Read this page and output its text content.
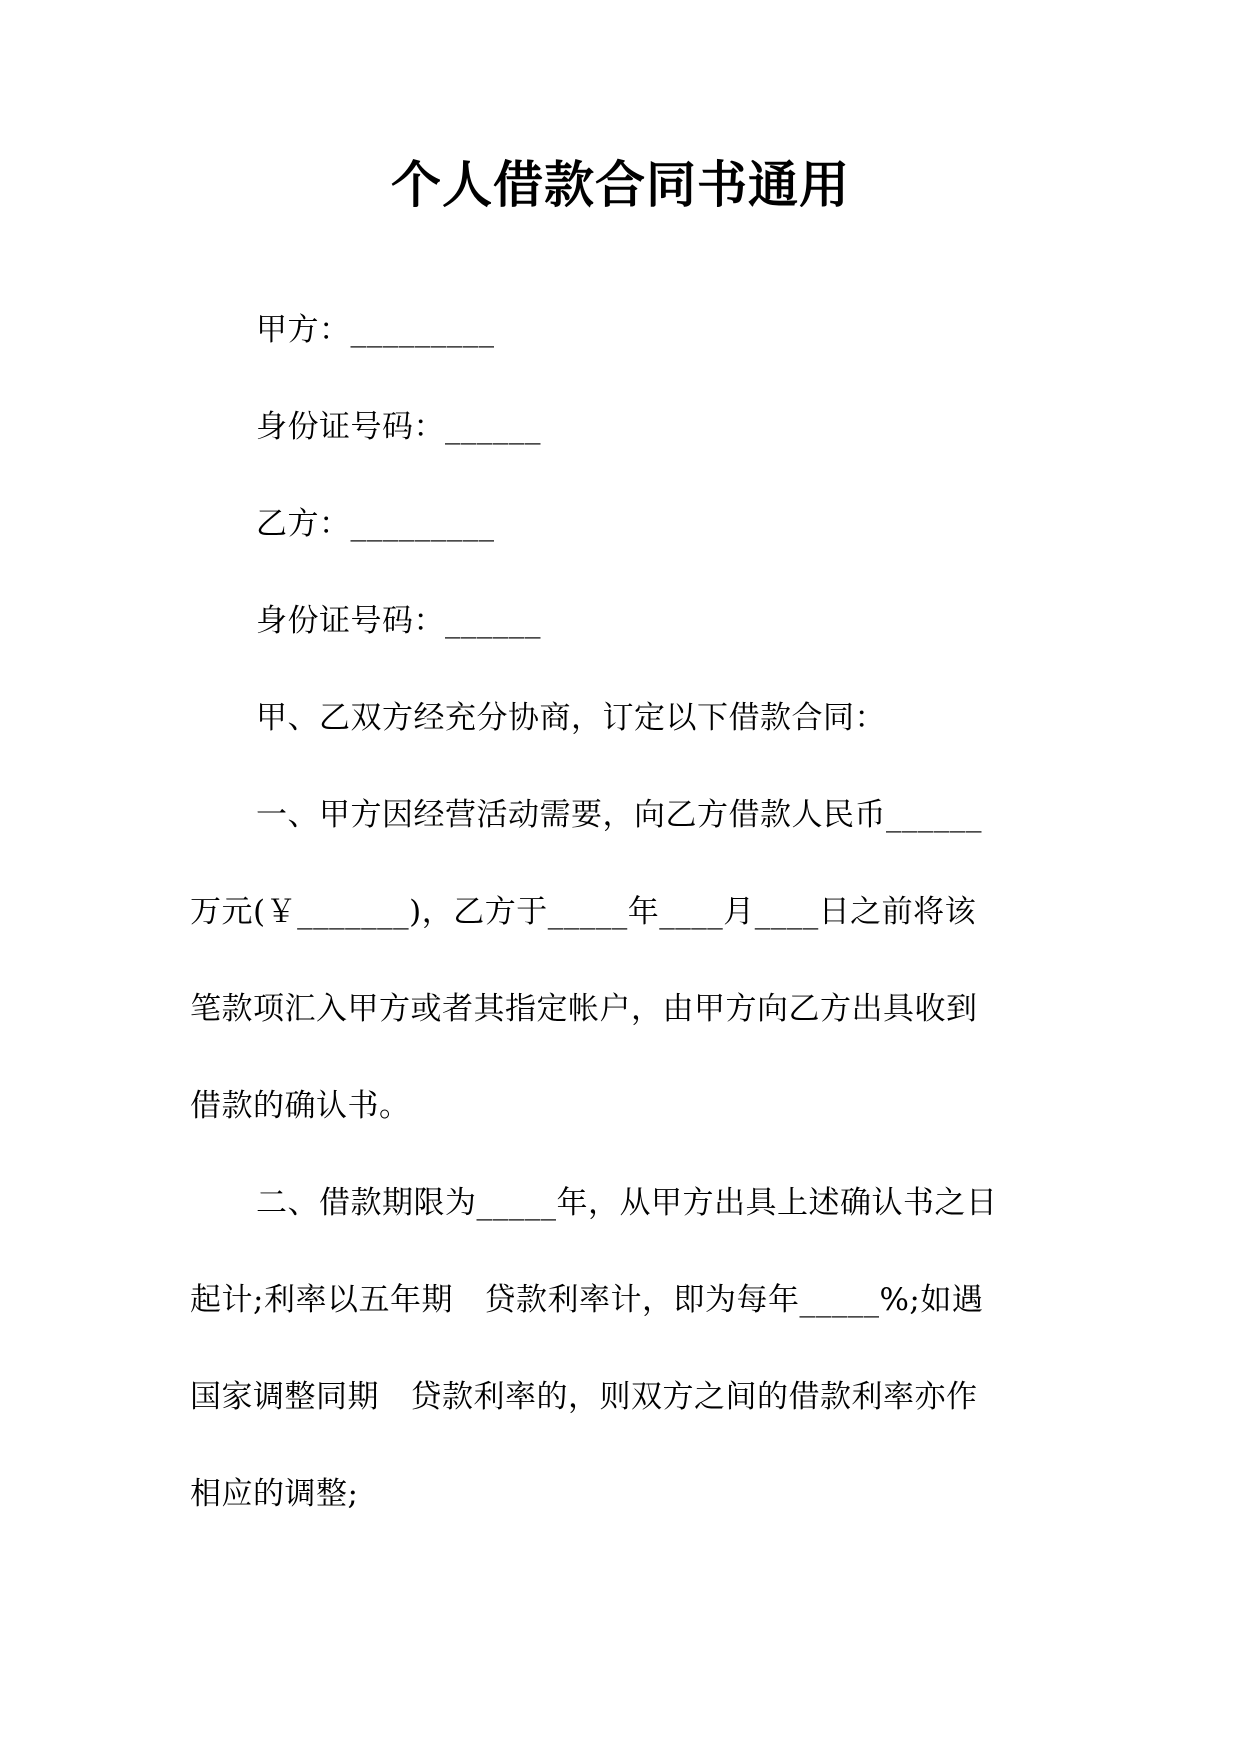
个人借款合同书通用
甲方：_________
身份证号码：______
乙方：_________
身份证号码：______
甲、乙双方经充分协商，订定以下借款合同：
一、甲方因经营活动需要，向乙方借款人民币______
万元(￥_______)，乙方于_____年____月____日之前将该
笔款项汇入甲方或者其指定帐户，由甲方向乙方出具收到
借款的确认书。
二、借款期限为_____年，从甲方出具上述确认书之日
起计;利率以五年期　贷款利率计，即为每年_____%;如遇
国家调整同期　贷款利率的，则双方之间的借款利率亦作
相应的调整;
